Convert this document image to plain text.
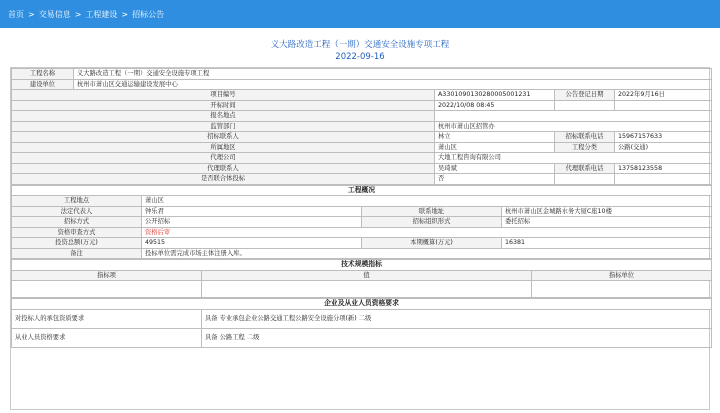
首页 > 交易信息 > 工程建设 > 招标公告
义大路改造工程（一期）交通安全设施专项工程
2022-09-16
工程名称	义大路改造工程（一期）交通安全设施专项工程			
建设单位	杭州市萧山区交通运输建设发展中心			
项目编号		A3301090130280005001231	公告登记日期	2022年9月16日
开标时间		2022/10/08 08:45		
报名地点				
监管部门		杭州市萧山区招管办		
招标联系人		林立	招标联系电话	15967157633
所属地区		萧山区	工程分类	公路(交通)
代理公司		大地工程咨询有限公司		
代理联系人		吴琦斌	代理联系电话	13758123558
是否联合体投标		否		
工程概况			
工程地点	萧山区		
法定代表人	钟乐君	联系地址	杭州市萧山区金城路水务大厦C座10楼
招标方式	公开招标	招标组织形式	委托招标
资格审查方式	资格后审		
投资总额(万元)	49515	本期概算(万元)	16381
备注	投标单位需完成市场主体注册入库。		
技术规模指标		
指标项	值	指标单位

企业及从业人员资格要求	
对投标人的承包资质要求	具备 专业承包企业公路交通工程公路安全设施分项(新) 二级
从业人员资格要求	具备 公路工程 二级
